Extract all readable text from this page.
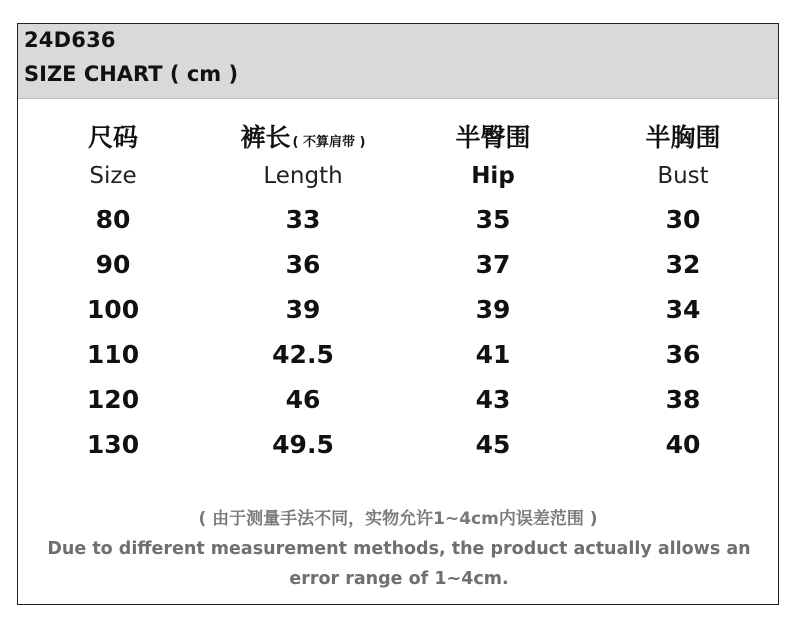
24D636
SIZE CHART ( cm )
尺码
Size
80
90
100
110
120
130
裤长 ( 不算肩带 )
Length
33
36
39
42.5
46
49.5
半臀围
Hip
35
37
39
41
43
45
半胸围
Bust
30
32
34
36
38
40
( 由于测量手法不同，实物允许1~4cm内误差范围 )
Due to different measurement methods, the product actually allows an
error range of 1~4cm.
